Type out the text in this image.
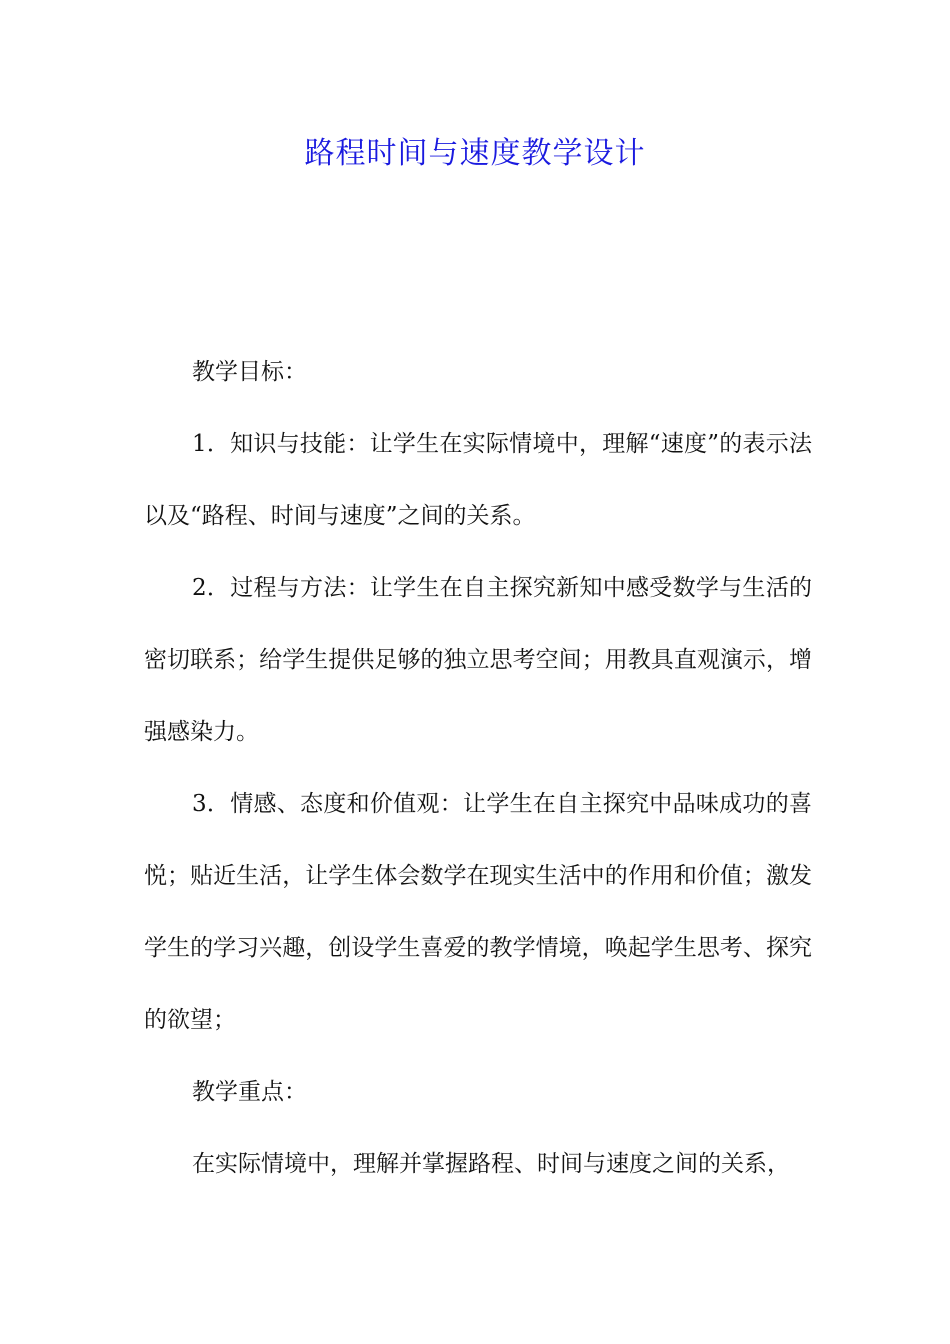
路程时间与速度教学设计

教学目标：

1．知识与技能：让学生在实际情境中，理解“速度”的表示法以及“路程、时间与速度”之间的关系。

2．过程与方法：让学生在自主探究新知中感受数学与生活的密切联系；给学生提供足够的独立思考空间；用教具直观演示，增强感染力。

3．情感、态度和价值观：让学生在自主探究中品味成功的喜悦；贴近生活，让学生体会数学在现实生活中的作用和价值；激发学生的学习兴趣，创设学生喜爱的教学情境，唤起学生思考、探究的欲望；

教学重点：

在实际情境中，理解并掌握路程、时间与速度之间的关系，
